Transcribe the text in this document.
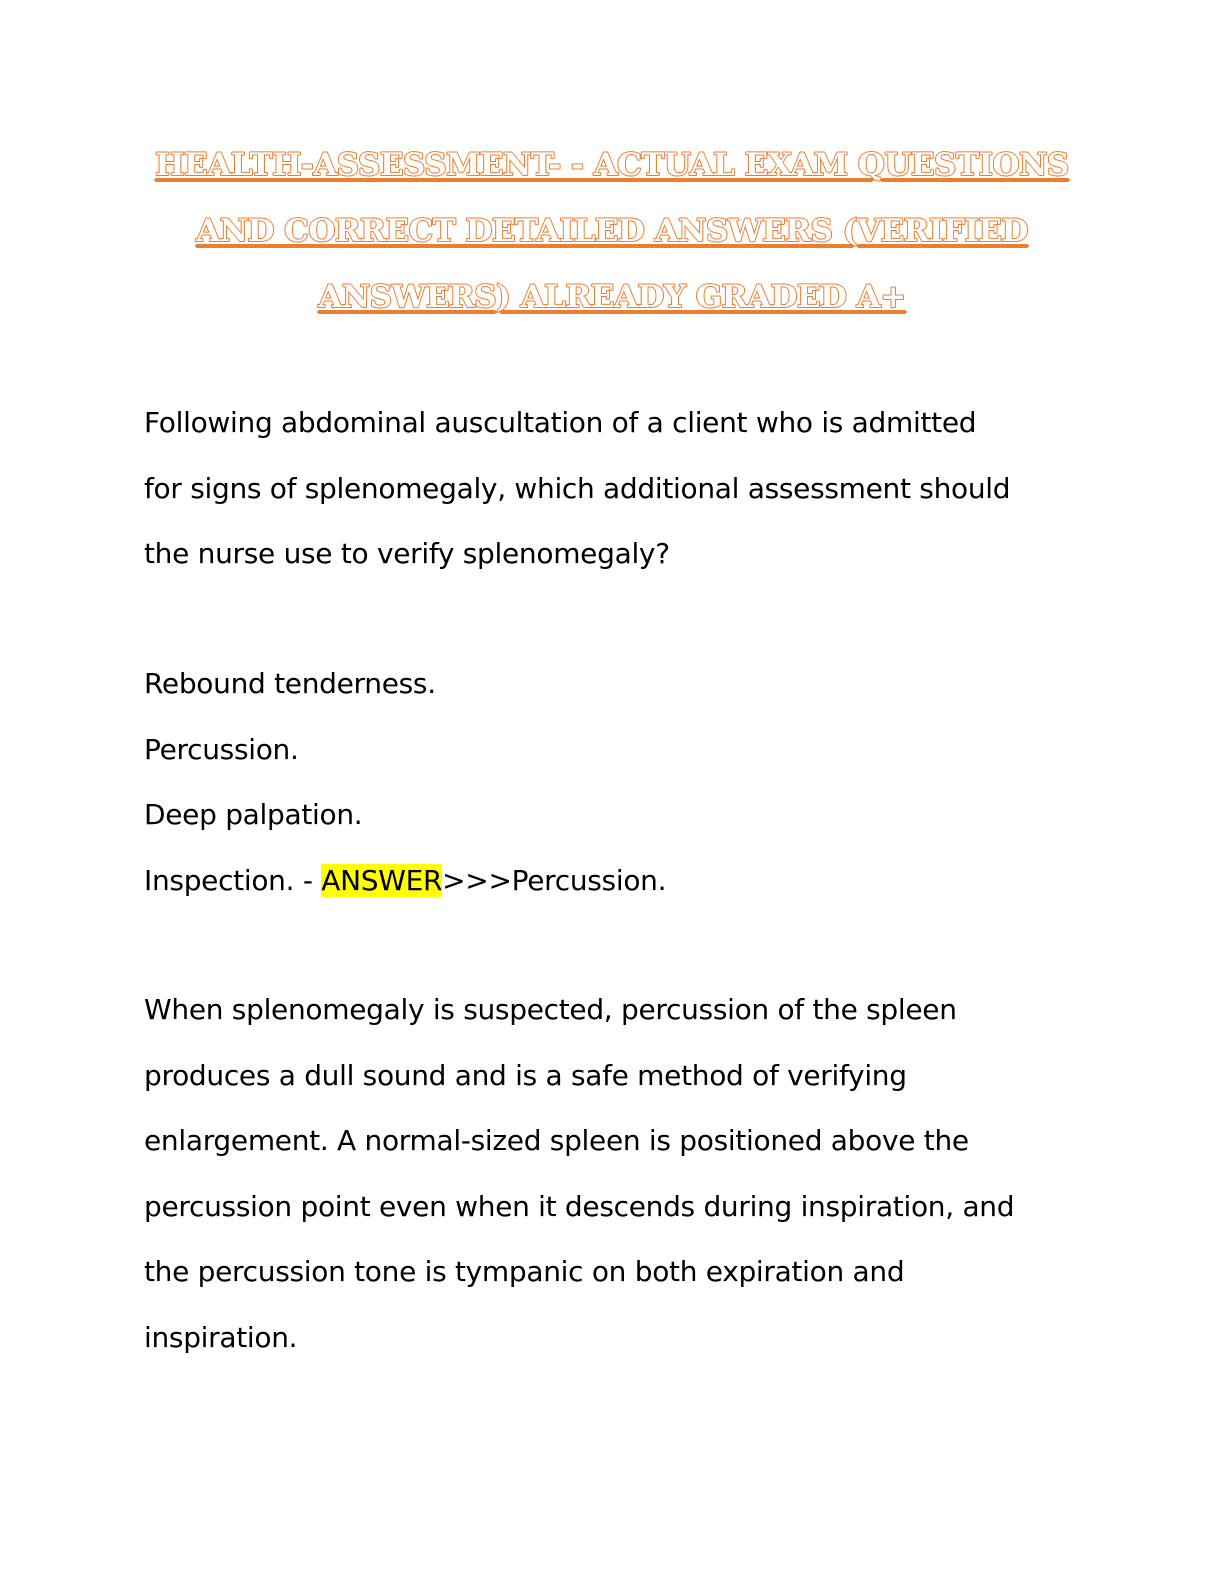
HEALTH-ASSESSMENT- - ACTUAL EXAM QUESTIONS
AND CORRECT DETAILED ANSWERS (VERIFIED
ANSWERS) ALREADY GRADED A+
Following abdominal auscultation of a client who is admitted
for signs of splenomegaly, which additional assessment should
the nurse use to verify splenomegaly?
Rebound tenderness.
Percussion.
Deep palpation.
Inspection. - ANSWER>>>Percussion.
When splenomegaly is suspected, percussion of the spleen
produces a dull sound and is a safe method of verifying
enlargement. A normal-sized spleen is positioned above the
percussion point even when it descends during inspiration, and
the percussion tone is tympanic on both expiration and
inspiration.
